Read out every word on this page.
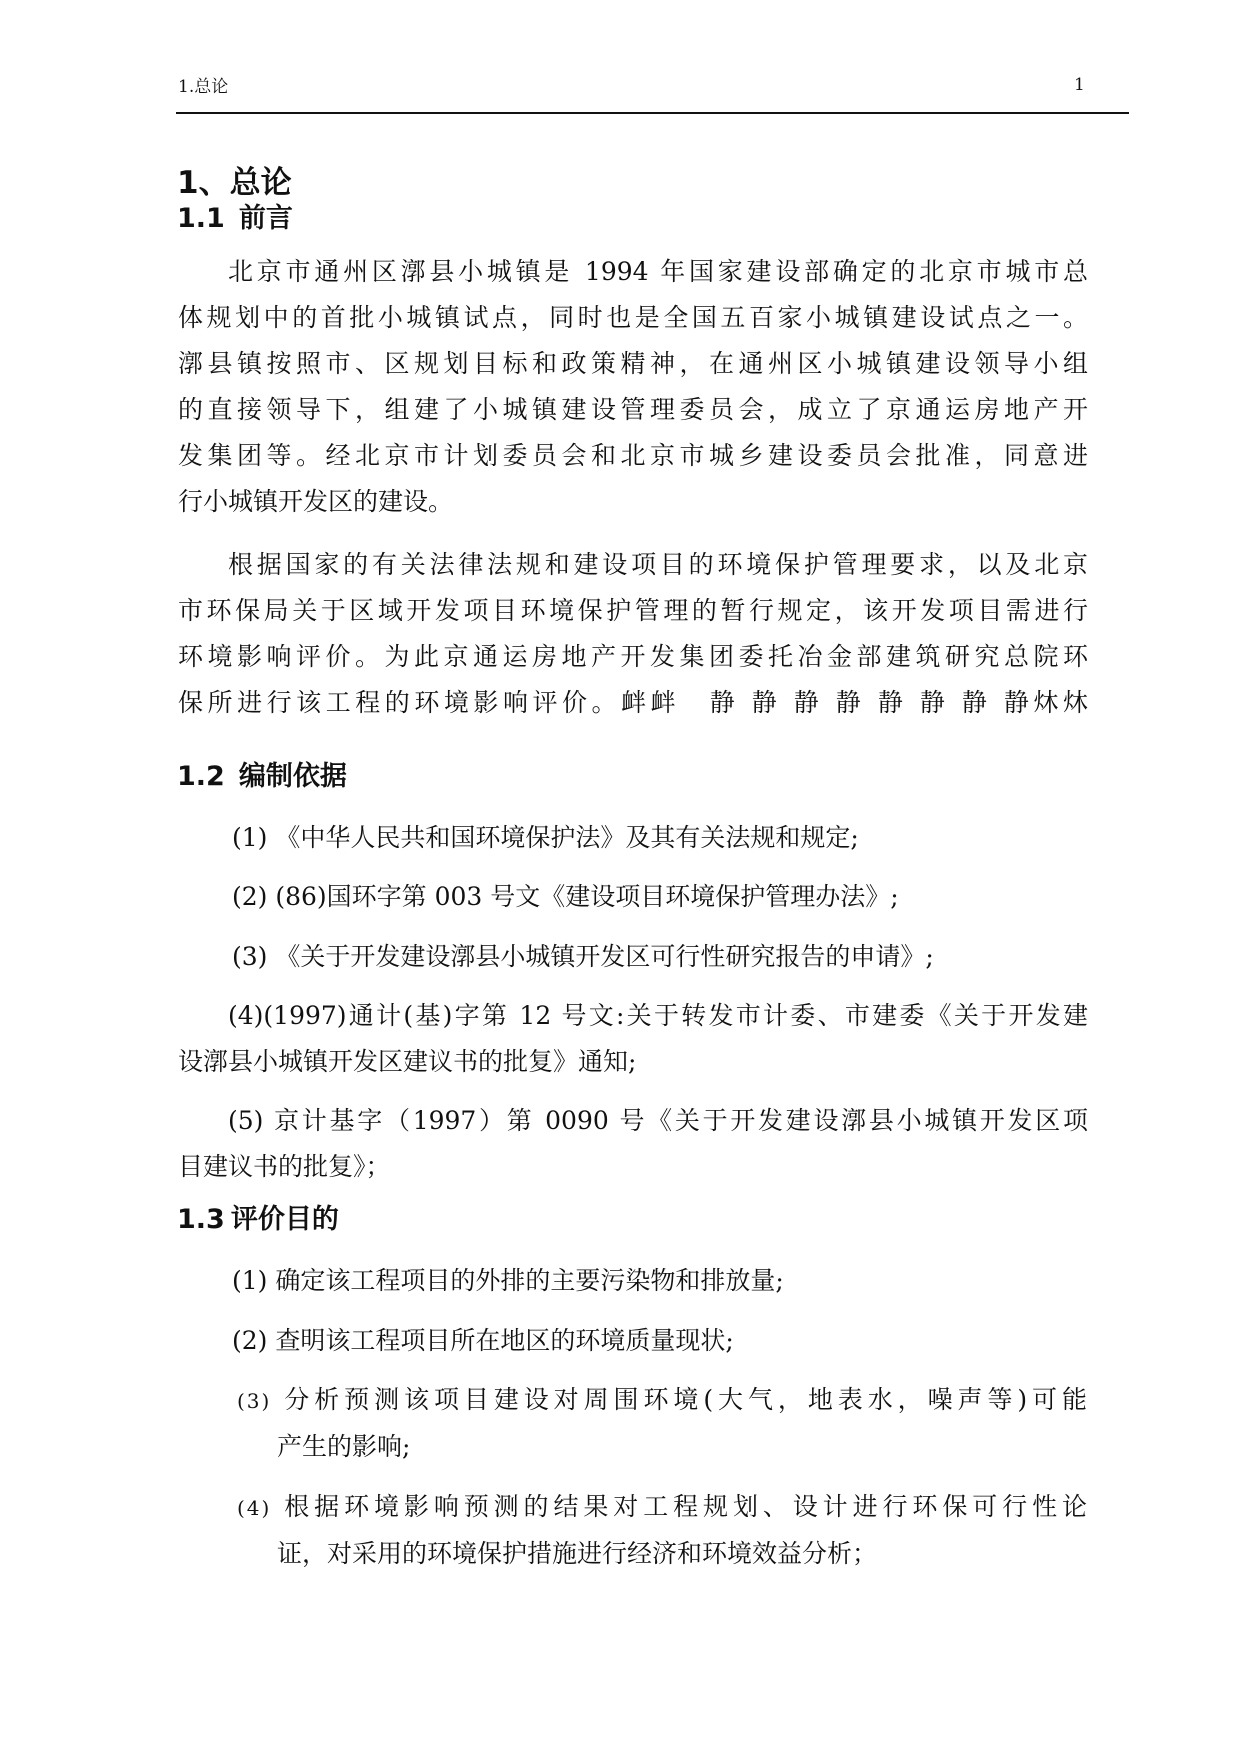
1.总论	1
1、总论
1.1 前言
北京市通州区漷县小城镇是 1994 年国家建设部确定的北京市城市总
体规划中的首批小城镇试点，同时也是全国五百家小城镇建设试点之一。
漷县镇按照市、区规划目标和政策精神，在通州区小城镇建设领导小组
的直接领导下，组建了小城镇建设管理委员会，成立了京通运房地产开
发集团等。经北京市计划委员会和北京市城乡建设委员会批准，同意进
行小城镇开发区的建设。
根据国家的有关法律法规和建设项目的环境保护管理要求，以及北京
市环保局关于区域开发项目环境保护管理的暂行规定，该开发项目需进行
环境影响评价。为此京通运房地产开发集团委托冶金部建筑研究总院环
保所进行该工程的环境影响评价。衅衅　静 静 静 静 静 静 静 静炑炑
1.2 编制依据
(1) 《中华人民共和国环境保护法》及其有关法规和规定;
(2) (86)国环字第 003 号文《建设项目环境保护管理办法》;
(3) 《关于开发建设漷县小城镇开发区可行性研究报告的申请》;
(4)(1997)通计(基)字第 12 号文:关于转发市计委、市建委《关于开发建
设漷县小城镇开发区建议书的批复》通知;
(5) 京计基字（1997）第 0090 号《关于开发建设漷县小城镇开发区项
目建议书的批复》；
1.3 评价目的
(1) 确定该工程项目的外排的主要污染物和排放量;
(2) 查明该工程项目所在地区的环境质量现状;
(3) 分析预测该项目建设对周围环境(大气，地表水，噪声等)可能
产生的影响;
(4) 根据环境影响预测的结果对工程规划、设计进行环保可行性论
证，对采用的环境保护措施进行经济和环境效益分析；
